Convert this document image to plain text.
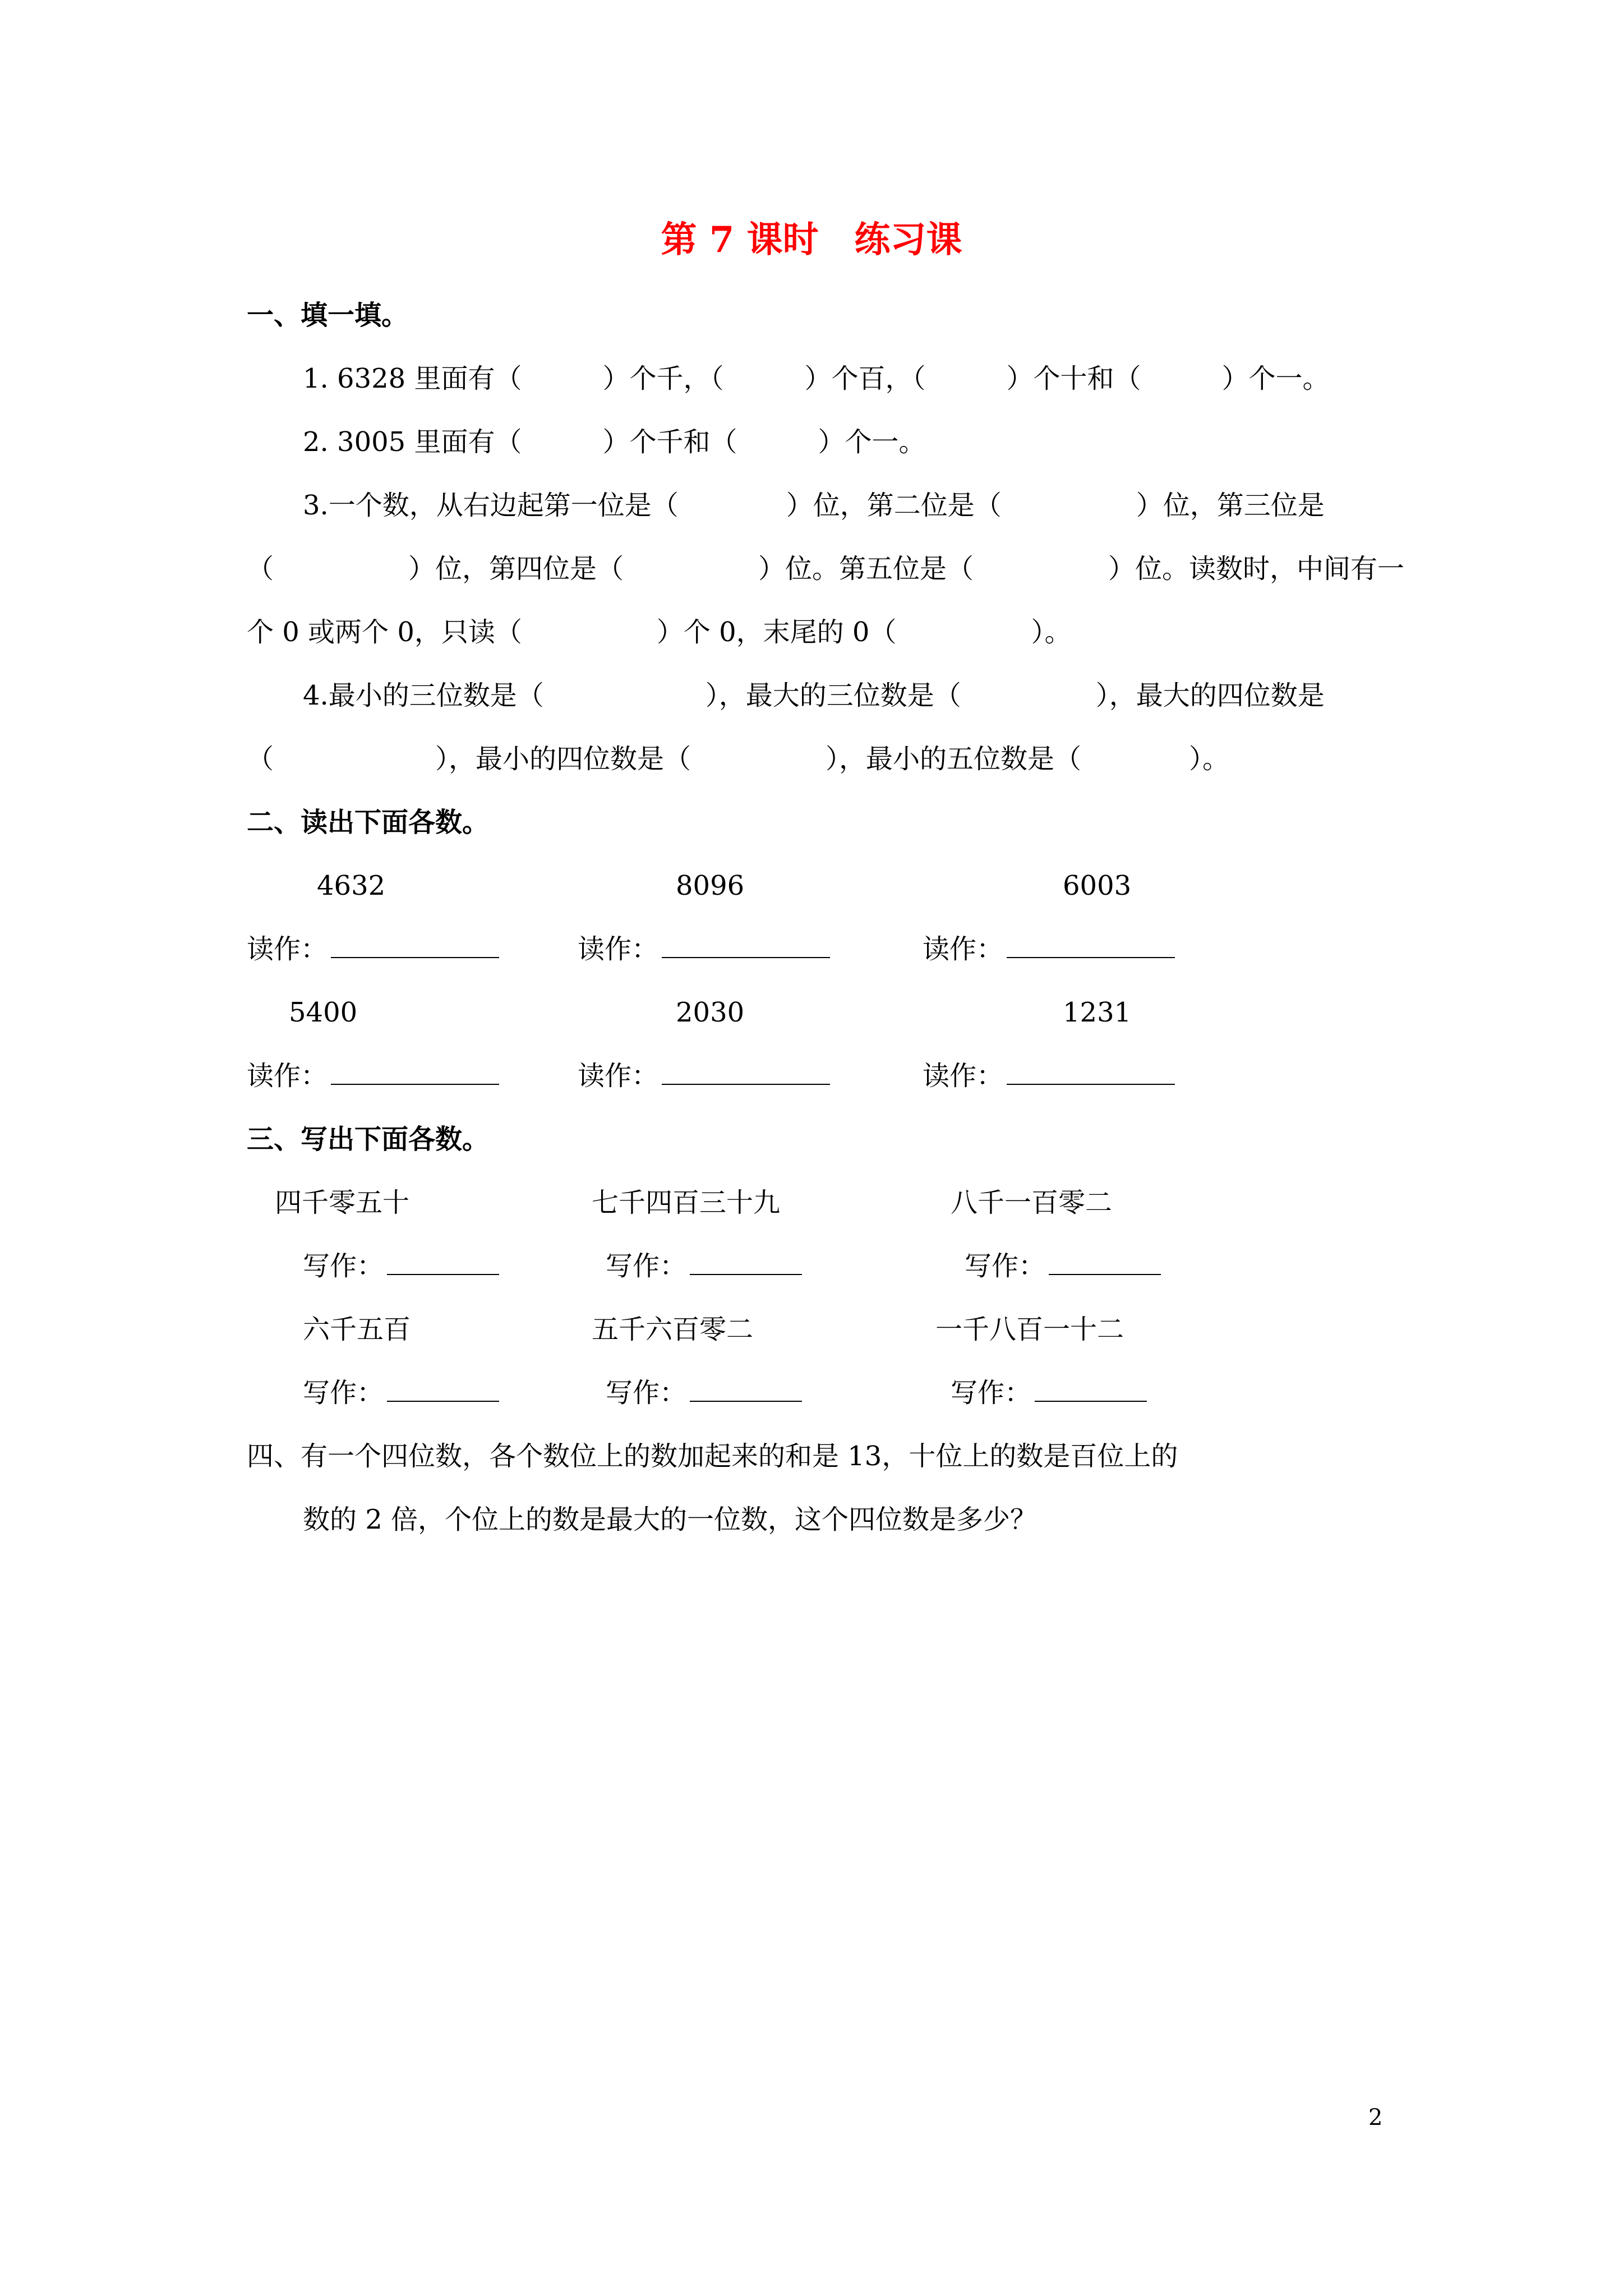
第 7 课时　练习课
一、填一填。
1. 6328 里面有（　　　）个千，（　　　）个百，（　　　）个十和（　　　）个一。
2. 3005 里面有（　　　）个千和（　　　）个一。
3.一个数，从右边起第一位是（　　　　）位，第二位是（　　　　　）位，第三位是
（　　　　　）位，第四位是（　　　　　）位。第五位是（　　　　　）位。读数时，中间有一
个 0 或两个 0，只读（　　　　　）个 0，末尾的 0（　　　　　）。
4.最小的三位数是（　　　　　　），最大的三位数是（　　　　　），最大的四位数是
（　　　　　　），最小的四位数是（　　　　　），最小的五位数是（　　　　）。
二、读出下面各数。
4632	8096	6003
读作：	读作：	读作：
5400	2030	1231
读作：	读作：	读作：
三、写出下面各数。
四千零五十	七千四百三十九	八千一百零二
写作：	写作：	写作：
六千五百	五千六百零二	一千八百一十二
写作：	写作：	写作：
四、有一个四位数，各个数位上的数加起来的和是 13，十位上的数是百位上的
数的 2 倍，个位上的数是最大的一位数，这个四位数是多少？
2
